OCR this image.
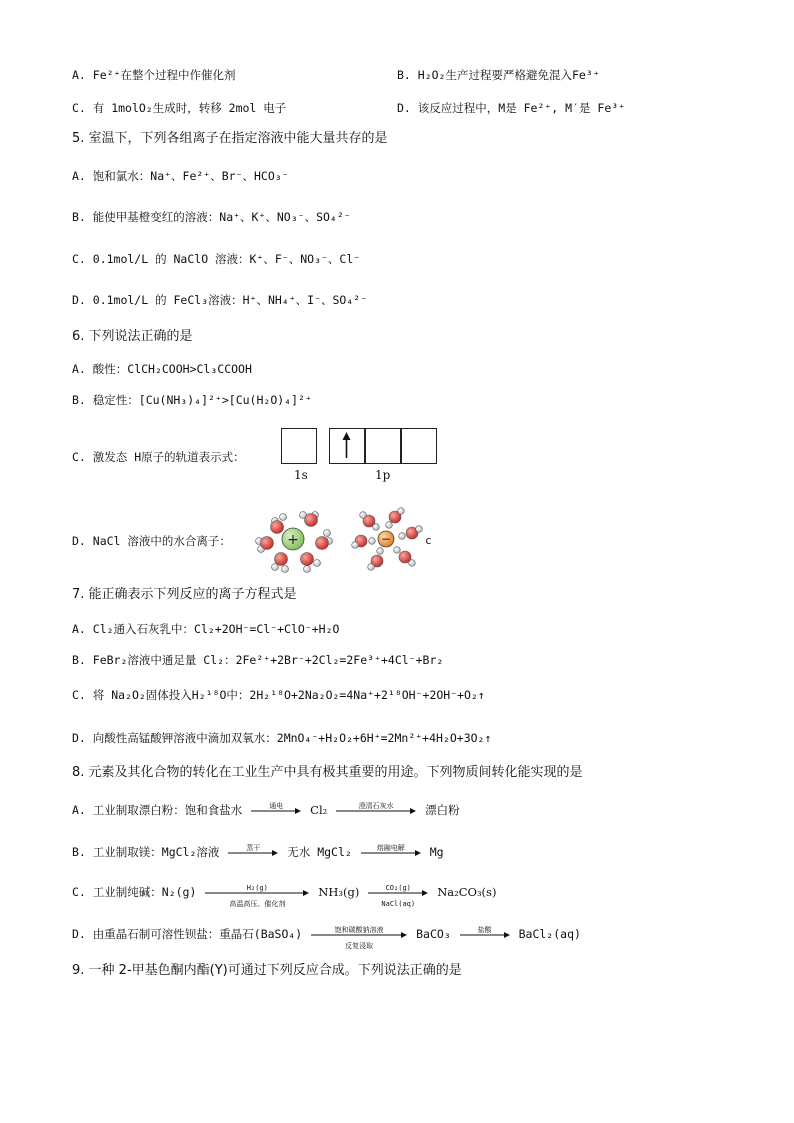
A. Fe²⁺在整个过程中作催化剂	B. H₂O₂生产过程要严格避免混入Fe³⁺
C. 有 1molO₂生成时，转移 2mol 电子	D. 该反应过程中，M是 Fe²⁺, M′是 Fe³⁺
5. 室温下，下列各组离子在指定溶液中能大量共存的是
A. 饱和氯水：Na⁺、Fe²⁺、Br⁻、HCO₃⁻
B. 能使甲基橙变红的溶液：Na⁺、K⁺、NO₃⁻、SO₄²⁻
C. 0.1mol/L 的 NaClO 溶液：K⁺、F⁻、NO₃⁻、Cl⁻
D. 0.1mol/L 的 FeCl₃溶液：H⁺、NH₄⁺、I⁻、SO₄²⁻
6. 下列说法正确的是
A. 酸性：ClCH₂COOH>Cl₃CCOOH
B. 稳定性：[Cu(NH₃)₄]²⁺>[Cu(H₂O)₄]²⁺
C. 激发态 H原子的轨道表示式：
1s	1p
D. NaCl 溶液中的水合离子：	+	−	c
7. 能正确表示下列反应的离子方程式是
A. Cl₂通入石灰乳中：Cl₂+2OH⁻=Cl⁻+ClO⁻+H₂O
B. FeBr₂溶液中通足量 Cl₂：2Fe²⁺+2Br⁻+2Cl₂=2Fe³⁺+4Cl⁻+Br₂
C. 将 Na₂O₂固体投入H₂¹⁸O中：2H₂¹⁸O+2Na₂O₂=4Na⁺+2¹⁸OH⁻+2OH⁻+O₂↑
D. 向酸性高锰酸钾溶液中滴加双氧水：2MnO₄⁻+H₂O₂+6H⁺=2Mn²⁺+4H₂O+3O₂↑
8. 元素及其化合物的转化在工业生产中具有极其重要的用途。下列物质间转化能实现的是
A. 工业制取漂白粉：饱和食盐水	通电	Cl₂	澄清石灰水	漂白粉
B. 工业制取镁：MgCl₂溶液	蒸干	无水 MgCl₂	熔融电解	Mg
C. 工业制纯碱：N₂(g)	H₂(g)
高温高压、催化剂
NH₃(g)	CO₂(g)
NaCl(aq)
Na₂CO₃(s)
D. 由重晶石制可溶性钡盐：重晶石(BaSO₄)	饱和碳酸钠溶液
反复浸取
BaCO₃	盐酸	BaCl₂(aq)
9. 一种 2-甲基色酮内酯(Y)可通过下列反应合成。下列说法正确的是
